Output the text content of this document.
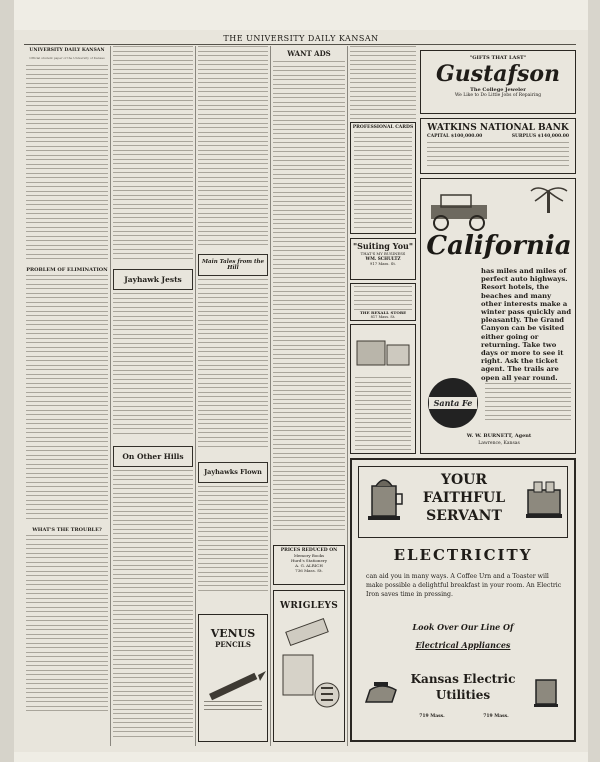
THE UNIVERSITY DAILY KANSAN
UNIVERSITY DAILY KANSAN
Official student paper of the University of Kansas
PROBLEM OF ELIMINATION
WHAT'S THE TROUBLE?
Jayhawk Jests
On Other Hills
Main Tales from the Hill
Jayhawks Flown
VENUS
PENCILS
WANT ADS
PRICES REDUCED ON
Memory Books
Hurd's Stationery
A. G. ALRICH
736 Mass. St.
WRIGLEYS
PROFESSIONAL CARDS
"Suiting You"
THAT'S MY BUSINESS
WM. SCHULTZ
917 Mass. St.
THE REXALL STORE
817 Mass. St.
"GIFTS THAT LAST"
Gustafson
The College Jeweler
We Like to Do Little Jobs of Repairing
WATKINS NATIONAL BANK
CAPITAL $100,000.00	SURPLUS $140,000.00
California
has miles and miles of perfect auto highways. Resort hotels, the beaches and many other interests make a winter pass quickly and pleasantly. The Grand Canyon can be visited either going or returning. Take two days or more to see it right. Ask the ticket agent. The trails are open all year round.
Santa Fe
W. W. BURNETT, Agent
Lawrence, Kansas
YOUR
FAITHFUL
SERVANT
ELECTRICITY
can aid you in many ways. A Coffee Urn and a Toaster will make possible a delightful breakfast in your room. An Electric Iron saves time in pressing.
Look Over Our Line Of
Electrical Appliances
Kansas Electric
Utilities
719 Mass.	719 Mass.
